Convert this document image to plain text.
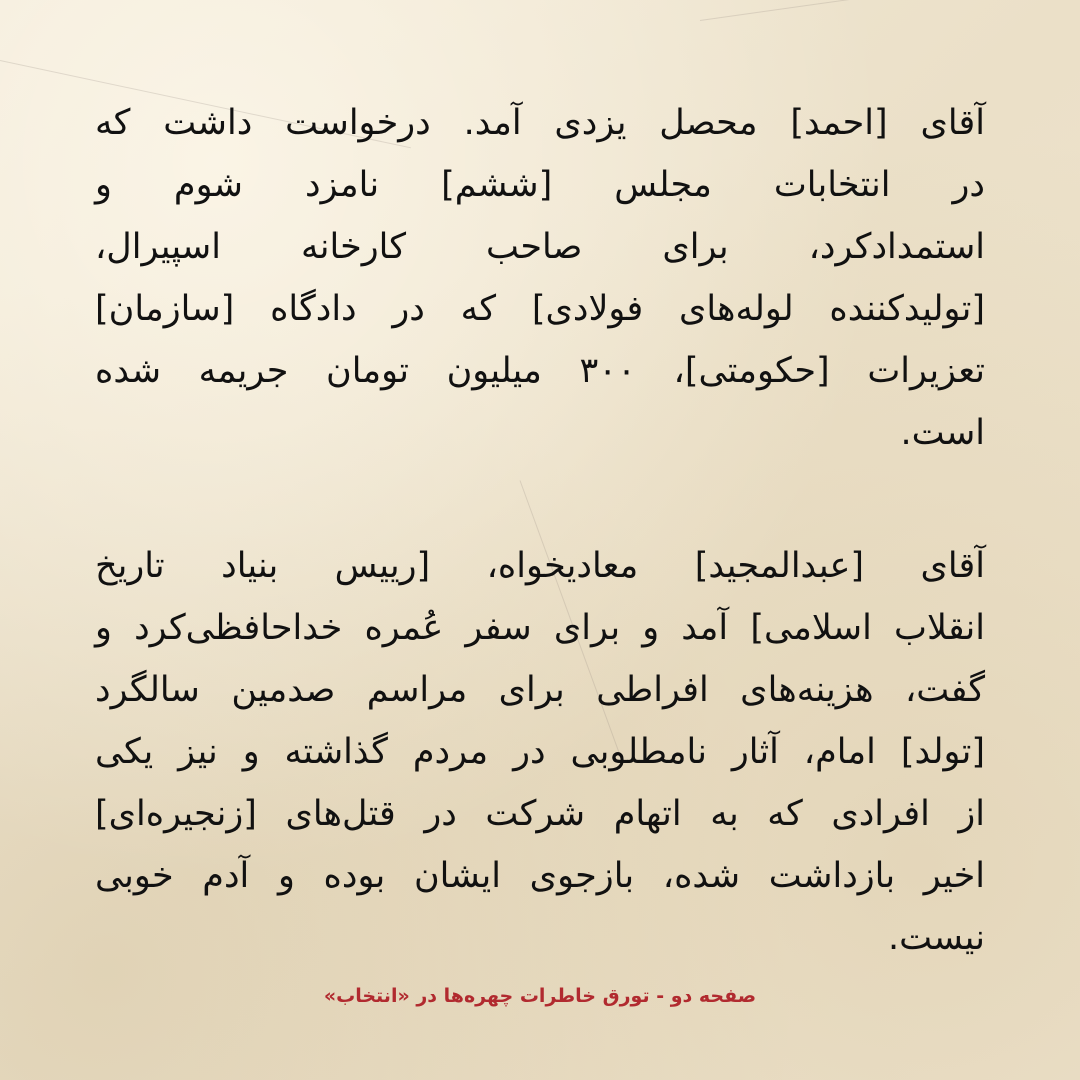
آقای [احمد] محصل یزدی آمد. درخواست داشت که
در انتخابات مجلس [ششم] نامزد شوم و
استمدادکرد، برای صاحب کارخانه اسپیرال،
[تولیدکننده لوله‌های فولادی] که در دادگاه [سازمان]
تعزیرات [حکومتی]، ۳۰۰ میلیون تومان جریمه شده
است.
آقای [عبدالمجید] معادیخواه، [رییس بنیاد تاریخ
انقلاب اسلامی] آمد و برای سفر عُمره خداحافظی‌کرد و
گفت، هزینه‌های افراطی برای مراسم صدمین سالگرد
[تولد] امام، آثار نامطلوبی در مردم گذاشته و نیز یکی
از افرادی که به اتهام شرکت در قتل‌های [زنجیره‌ای]
اخیر بازداشت شده، بازجوی ایشان بوده و آدم خوبی
نیست.
صفحه دو - تورق خاطرات چهره‌ها در «انتخاب»
